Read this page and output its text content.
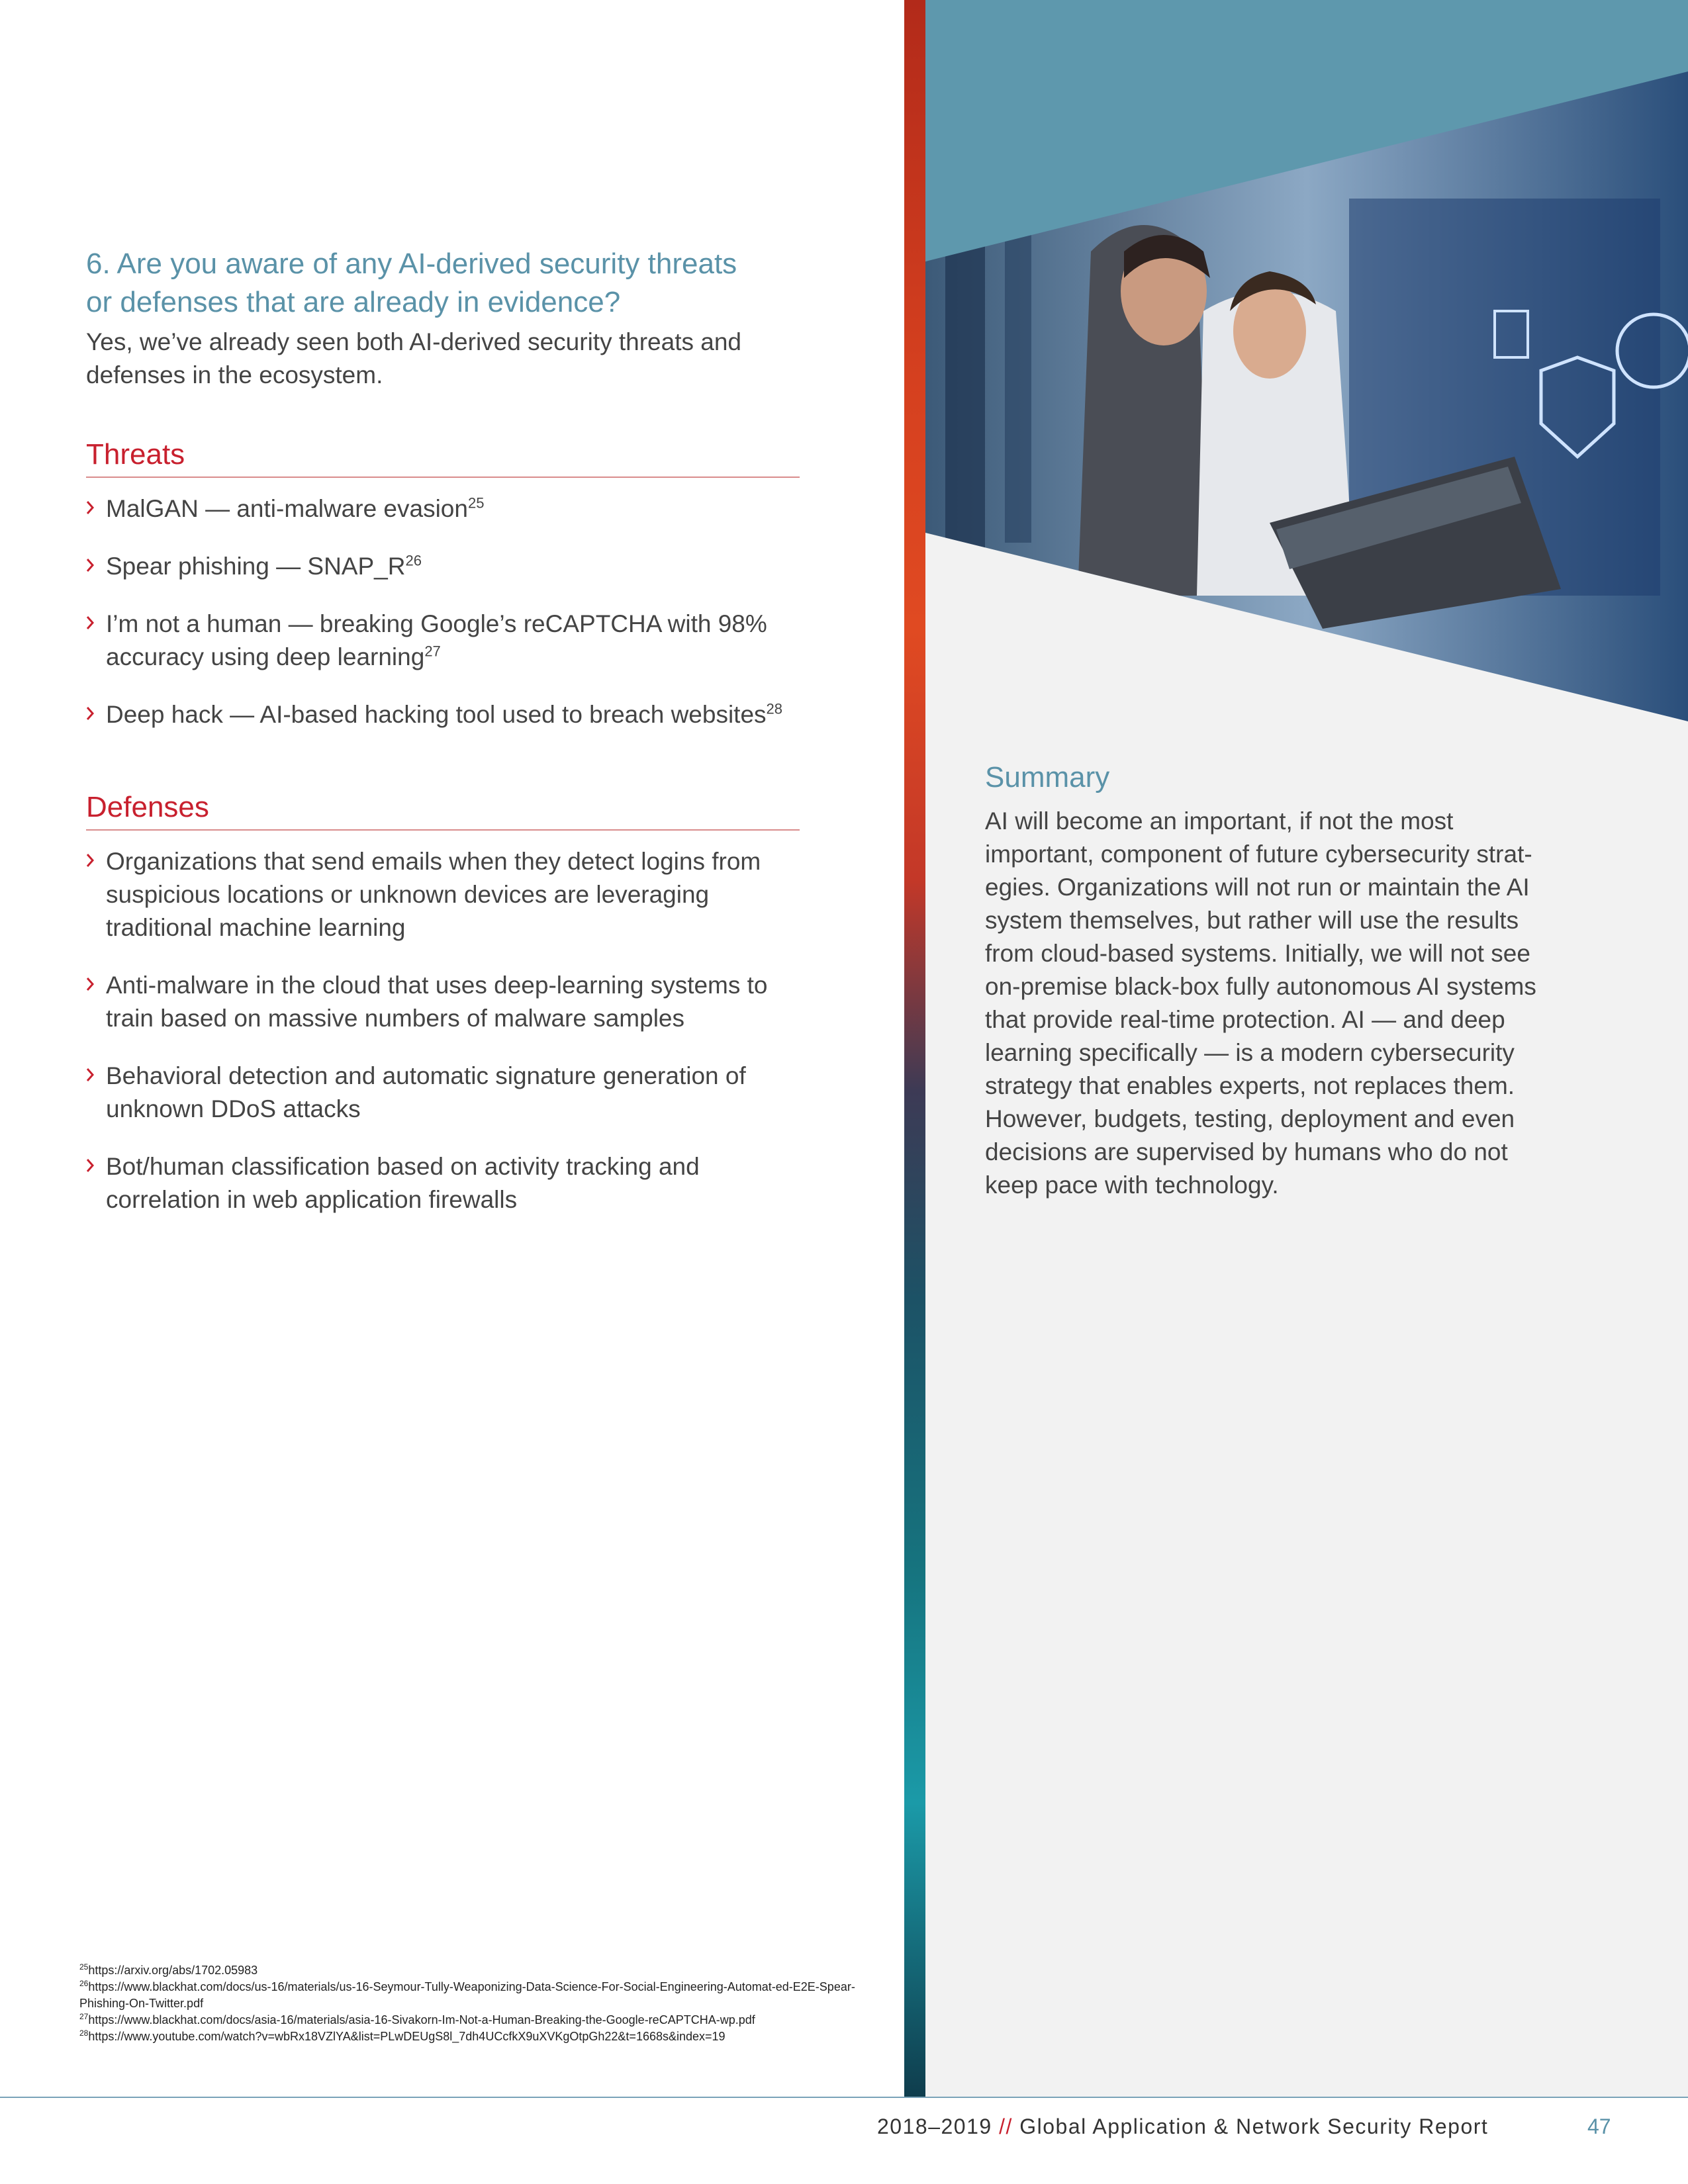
6. Are you aware of any AI-derived security threats
or defenses that are already in evidence?

Yes, we’ve already seen both AI-derived security threats and defenses in the ecosystem.

Threats
MalGAN — anti-malware evasion$^{25}$
Spear phishing — $SNAP\_R^{26}$
I’m not a human — breaking Google’s reCAPTCHA with 98% accuracy using deep learning$^{27}$
Deep hack — AI-based hacking tool used to breach websites$^{28}$
Defenses
Organizations that send emails when they detect logins from suspicious locations or unknown devices are leveraging traditional machine learning
Anti-malware in the cloud that uses deep-learning systems to train based on massive numbers of malware samples
Behavioral detection and automatic signature generation of unknown DDoS attacks
Bot/human classification based on activity tracking and correlation in web application firewalls
Summary

AI will become an important, if not the most important, component of future cybersecurity strategies. Organizations will not run or maintain the AI system themselves, but rather will use the results from cloud-based systems. Initially, we will not see on-premise black-box fully autonomous AI systems that provide real-time protection. AI — and deep learning specifically — is a modern cybersecurity strategy that enables experts, not replaces them. However, budgets, testing, deployment and even decisions are supervised by humans who do not keep pace with technology.

$^{25}$https://arxiv.org/abs/1702.05983
$^{26}$https://www.blackhat.com/docs/us-16/materials/us-16-Seymour-Tully-Weaponizing-Data-Science-For-Social-Engineering-Automat-ed-E2E-Spear-Phishing-On-Twitter.pdf
$^{27}$https://www.blackhat.com/docs/asia-16/materials/asia-16-Sivakorn-Im-Not-a-Human-Breaking-the-Google-reCAPTCHA-wp.pdf
$^{28}$https://www.youtube.com/watch?v=wbRx18VZlYA&list=PLwDEUgS8l_7dh4UCcfkX9uXVKgOtpGh22&t=1668s&index=19
2018–2019 // Global Application & Network Security Report	47
